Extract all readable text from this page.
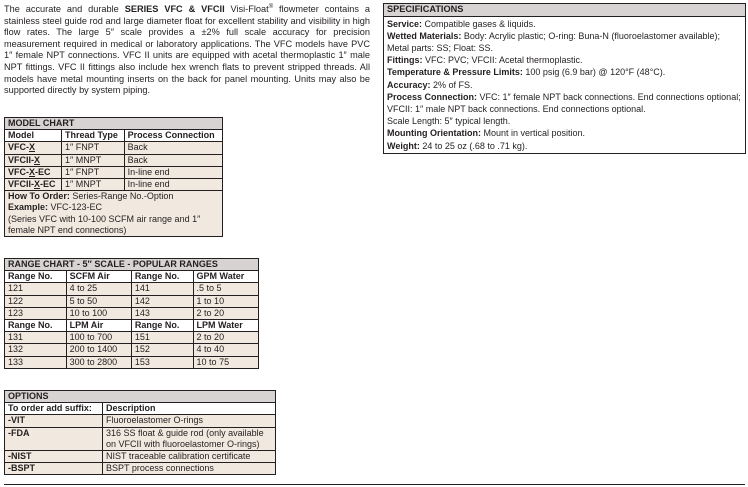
The accurate and durable SERIES VFC & VFCII Visi-Float® flowmeter contains a stainless steel guide rod and large diameter float for excellent stability and visibility in high flow rates. The large 5″ scale provides a ±2% full scale accuracy for precision measurement required in medical or laboratory applications. The VFC models have PVC 1″ female NPT connections. VFC II units are equipped with acetal thermoplastic 1″ male NPT fittings. VFC II fittings also include hex wrench flats to prevent stripped threads. All models have metal mounting inserts on the back for panel mounting. Units may also be supported directly by system piping.
MODEL CHART		
Model	Thread Type	Process Connection
VFC-X	1″ FNPT	Back
VFCII-X	1″ MNPT	Back
VFC-X-EC	1″ FNPT	In-line end
VFCII-X-EC	1″ MNPT	In-line end
How To Order: Series-Range No.-Option
Example: VFC-123-EC
(Series VFC with 10-100 SCFM air range and 1″ female NPT end connections)		
RANGE CHART - 5″ SCALE - POPULAR RANGES			
Range No.	SCFM Air	Range No.	GPM Water
121	4 to 25	141	.5 to 5
122	5 to 50	142	1 to 10
123	10 to 100	143	2 to 20
Range No.	LPM Air	Range No.	LPM Water
131	100 to 700	151	2 to 20
132	200 to 1400	152	4 to 40
133	300 to 2800	153	10 to 75
OPTIONS	
To order add suffix:	Description
-VIT	Fluoroelastomer O-rings
-FDA	316 SS float & guide rod (only available on VFCII with fluoroelastomer O-rings)
-NIST	NIST traceable calibration certificate
-BSPT	BSPT process connections
SPECIFICATIONS

Service: Compatible gases & liquids.

Wetted Materials: Body: Acrylic plastic; O-ring: Buna-N (fluoroelastomer available); Metal parts: SS; Float: SS.

Fittings: VFC: PVC; VFCII: Acetal thermoplastic.

Temperature & Pressure Limits: 100 psig (6.9 bar) @ 120°F (48°C).

Accuracy: 2% of FS.

Process Connection: VFC: 1″ female NPT back connections. End connections optional; VFCII: 1″ male NPT back connections. End connections optional.

Scale Length: 5″ typical length.

Mounting Orientation: Mount in vertical position.

Weight: 24 to 25 oz (.68 to .71 kg).
